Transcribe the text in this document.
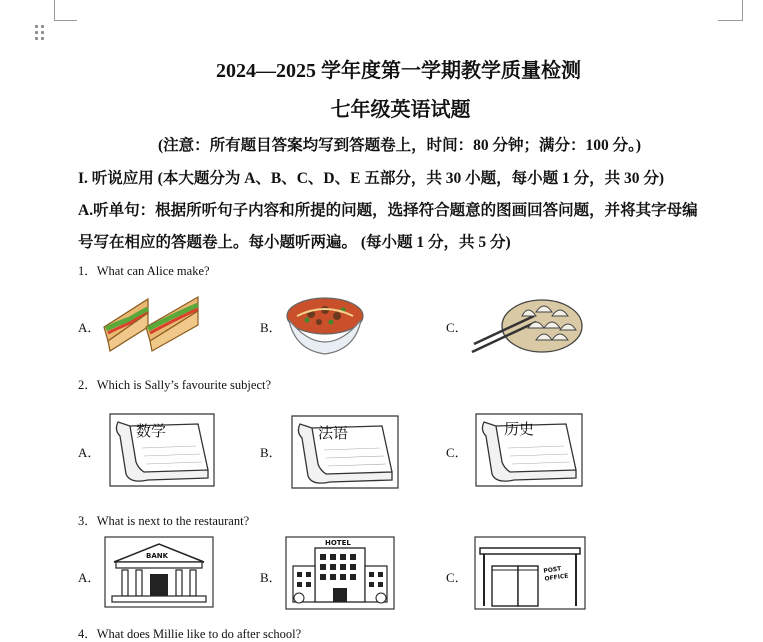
2024—2025 学年度第一学期教学质量检测
七年级英语试题
(注意：所有题目答案均写到答题卷上，时间：80 分钟；满分：100 分。)
I. 听说应用 (本大题分为 A、B、C、D、E 五部分，共 30 小题，每小题 1 分，共 30 分)
A.听单句：根据所听句子内容和所提的问题，选择符合题意的图画回答问题，并将其字母编
号写在相应的答题卷上。每小题听两遍。 (每小题 1 分，共 5 分)
1．What can Alice make?
A．	B．	C．
2．Which is Sally’s favourite subject?
A．
数学
B．
法语
C．
历史
3．What is next to the restaurant?
A．
BANK
B．
HOTEL
C．	POST OFFICE
4．What does Millie like to do after school?
